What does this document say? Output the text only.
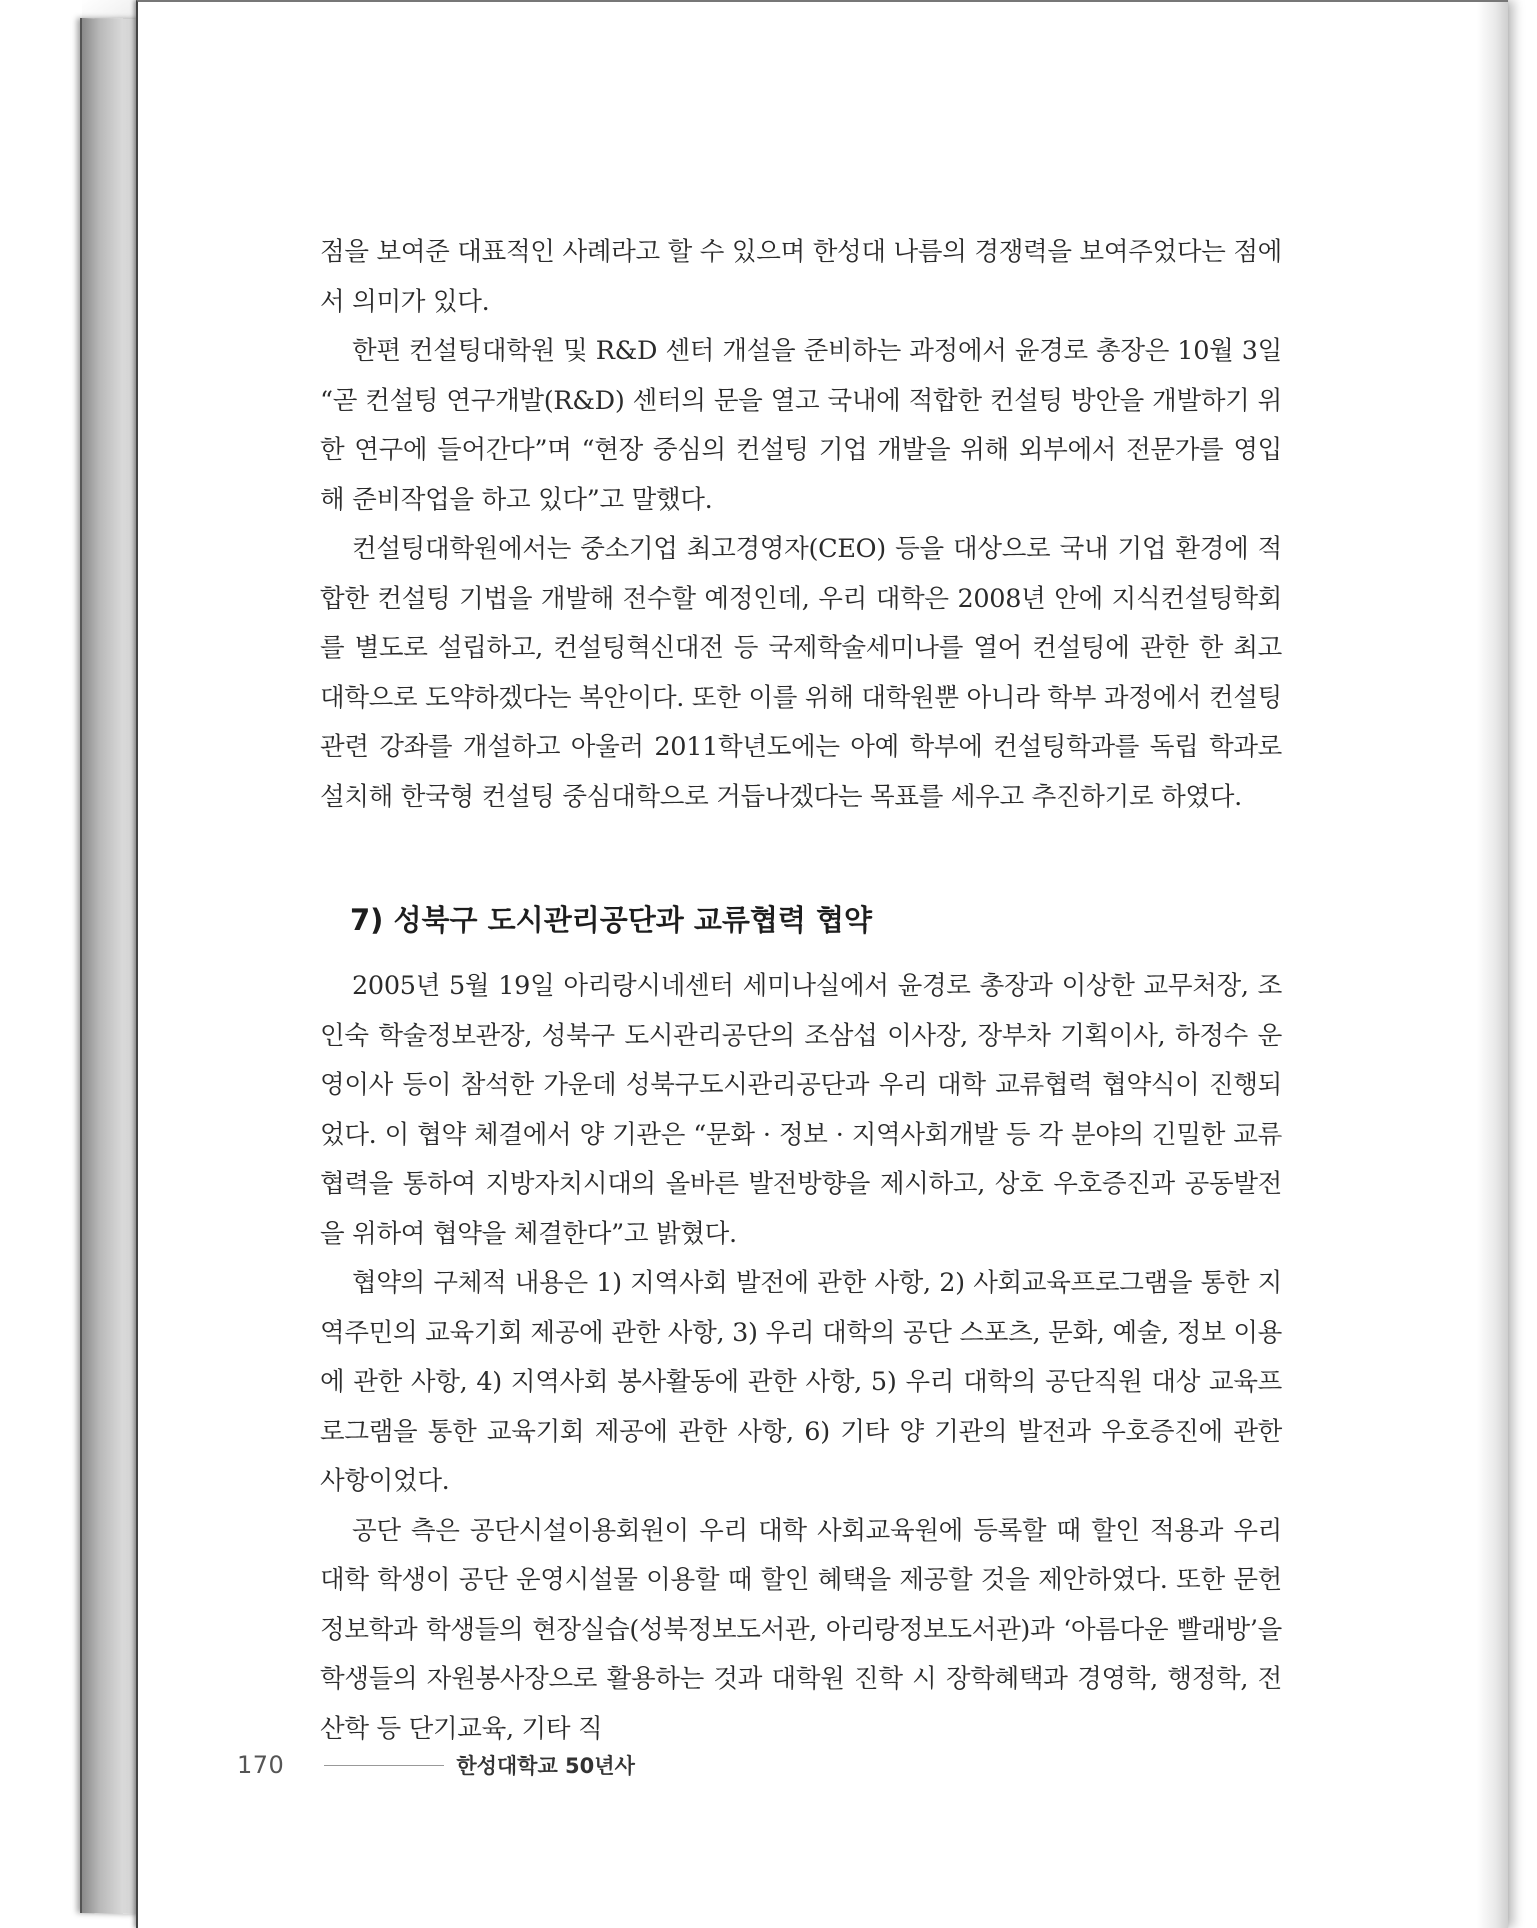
점을 보여준 대표적인 사례라고 할 수 있으며 한성대 나름의 경쟁력을 보여주었다는 점에서 의미가 있다.

한편 컨설팅대학원 및 R&D 센터 개설을 준비하는 과정에서 윤경로 총장은 10월 3일 “곧 컨설팅 연구개발(R&D) 센터의 문을 열고 국내에 적합한 컨설팅 방안을 개발하기 위한 연구에 들어간다”며 “현장 중심의 컨설팅 기업 개발을 위해 외부에서 전문가를 영입해 준비작업을 하고 있다”고 말했다.

컨설팅대학원에서는 중소기업 최고경영자(CEO) 등을 대상으로 국내 기업 환경에 적합한 컨설팅 기법을 개발해 전수할 예정인데, 우리 대학은 2008년 안에 지식컨설팅학회를 별도로 설립하고, 컨설팅혁신대전 등 국제학술세미나를 열어 컨설팅에 관한 한 최고 대학으로 도약하겠다는 복안이다. 또한 이를 위해 대학원뿐 아니라 학부 과정에서 컨설팅 관련 강좌를 개설하고 아울러 2011학년도에는 아예 학부에 컨설팅학과를 독립 학과로 설치해 한국형 컨설팅 중심대학으로 거듭나겠다는 목표를 세우고 추진하기로 하였다.

7) 성북구 도시관리공단과 교류협력 협약

2005년 5월 19일 아리랑시네센터 세미나실에서 윤경로 총장과 이상한 교무처장, 조인숙 학술정보관장, 성북구 도시관리공단의 조삼섭 이사장, 장부차 기획이사, 하정수 운영이사 등이 참석한 가운데 성북구도시관리공단과 우리 대학 교류협력 협약식이 진행되었다. 이 협약 체결에서 양 기관은 “문화 · 정보 · 지역사회개발 등 각 분야의 긴밀한 교류협력을 통하여 지방자치시대의 올바른 발전방향을 제시하고, 상호 우호증진과 공동발전을 위하여 협약을 체결한다”고 밝혔다.

협약의 구체적 내용은 1) 지역사회 발전에 관한 사항, 2) 사회교육프로그램을 통한 지역주민의 교육기회 제공에 관한 사항, 3) 우리 대학의 공단 스포츠, 문화, 예술, 정보 이용에 관한 사항, 4) 지역사회 봉사활동에 관한 사항, 5) 우리 대학의 공단직원 대상 교육프로그램을 통한 교육기회 제공에 관한 사항, 6) 기타 양 기관의 발전과 우호증진에 관한 사항이었다.

공단 측은 공단시설이용회원이 우리 대학 사회교육원에 등록할 때 할인 적용과 우리 대학 학생이 공단 운영시설물 이용할 때 할인 혜택을 제공할 것을 제안하였다. 또한 문헌정보학과 학생들의 현장실습(성북정보도서관, 아리랑정보도서관)과 ‘아름다운 빨래방’을 학생들의 자원봉사장으로 활용하는 것과 대학원 진학 시 장학혜택과 경영학, 행정학, 전산학 등 단기교육, 기타 직

170	한성대학교 50년사
